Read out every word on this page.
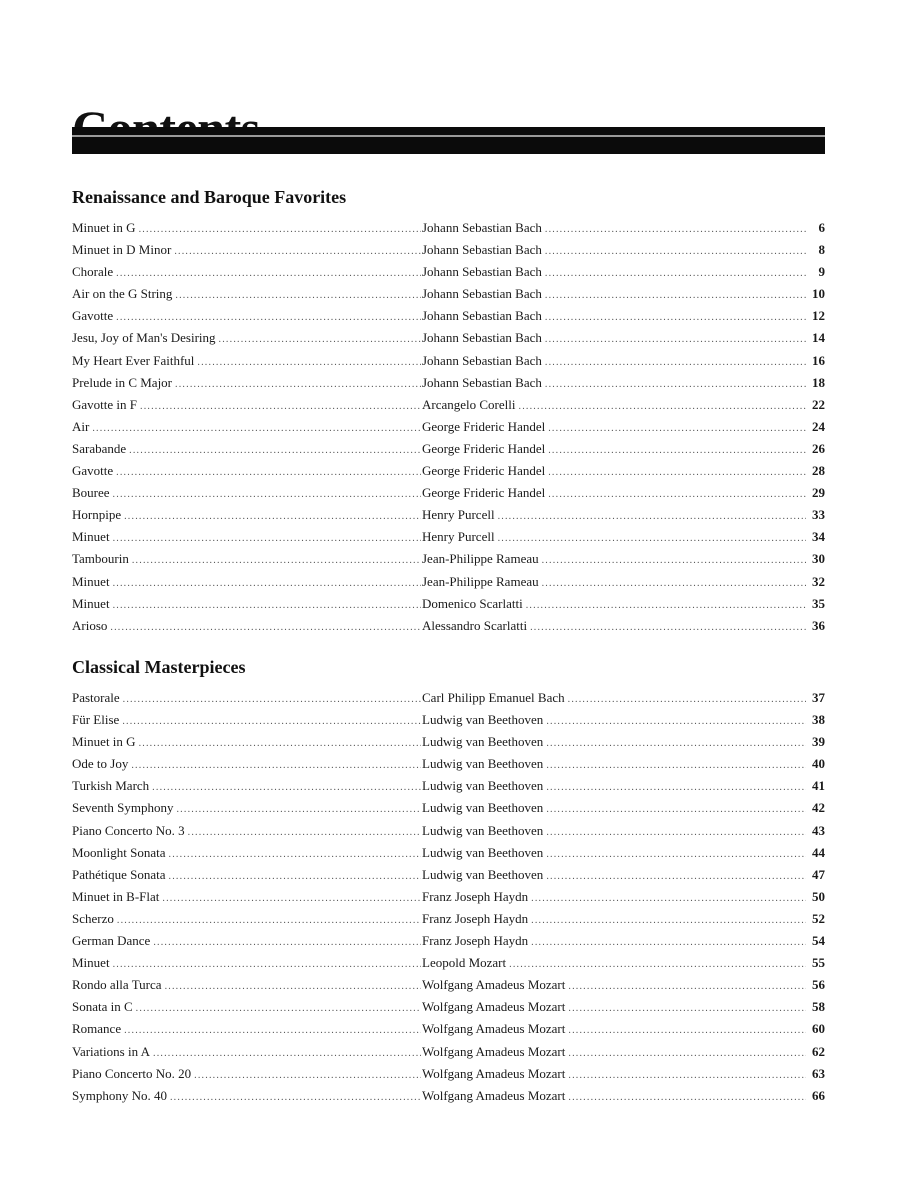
Renaissance and Baroque Favorites
Minuet in G .....	Johann Sebastian Bach .....	6
Minuet in D Minor .....	Johann Sebastian Bach .....	8
Chorale .....	Johann Sebastian Bach .....	9
Air on the G String .....	Johann Sebastian Bach .....	10
Gavotte .....	Johann Sebastian Bach .....	12
Jesu, Joy of Man's Desiring .....	Johann Sebastian Bach .....	14
My Heart Ever Faithful .....	Johann Sebastian Bach .....	16
Prelude in C Major .....	Johann Sebastian Bach .....	18
Gavotte in F .....	Arcangelo Corelli .....	22
Air .....	George Frideric Handel .....	24
Sarabande .....	George Frideric Handel .....	26
Gavotte .....	George Frideric Handel .....	28
Bouree .....	George Frideric Handel .....	29
Hornpipe .....	Henry Purcell .....	33
Minuet .....	Henry Purcell .....	34
Tambourin .....	Jean-Philippe Rameau .....	30
Minuet .....	Jean-Philippe Rameau .....	32
Minuet .....	Domenico Scarlatti .....	35
Arioso .....	Alessandro Scarlatti .....	36
Classical Masterpieces
Pastorale .....	Carl Philipp Emanuel Bach .....	37
Für Elise .....	Ludwig van Beethoven .....	38
Minuet in G .....	Ludwig van Beethoven .....	39
Ode to Joy .....	Ludwig van Beethoven .....	40
Turkish March .....	Ludwig van Beethoven .....	41
Seventh Symphony .....	Ludwig van Beethoven .....	42
Piano Concerto No. 3 .....	Ludwig van Beethoven .....	43
Moonlight Sonata .....	Ludwig van Beethoven .....	44
Pathétique Sonata .....	Ludwig van Beethoven .....	47
Minuet in B-Flat .....	Franz Joseph Haydn .....	50
Scherzo .....	Franz Joseph Haydn .....	52
German Dance .....	Franz Joseph Haydn .....	54
Minuet .....	Leopold Mozart .....	55
Rondo alla Turca .....	Wolfgang Amadeus Mozart .....	56
Sonata in C .....	Wolfgang Amadeus Mozart .....	58
Romance .....	Wolfgang Amadeus Mozart .....	60
Variations in A .....	Wolfgang Amadeus Mozart .....	62
Piano Concerto No. 20 .....	Wolfgang Amadeus Mozart .....	63
Symphony No. 40 .....	Wolfgang Amadeus Mozart .....	66
